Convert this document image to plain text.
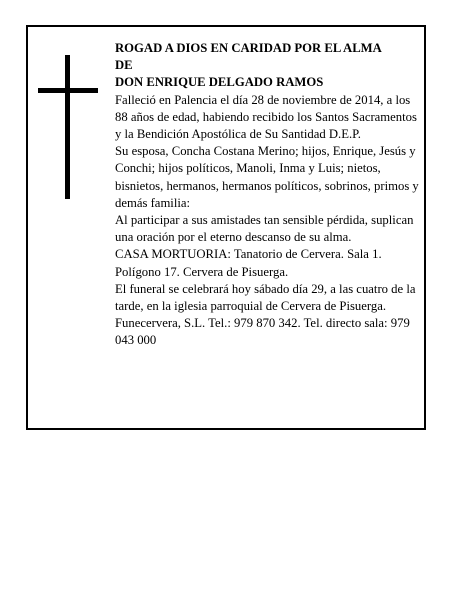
ROGAD A DIOS EN CARIDAD POR EL ALMA

DE

DON ENRIQUE DELGADO RAMOS

Falleció en Palencia el día 28 de noviembre de 2014, a los 88 años de edad, habiendo recibido los Santos Sacramentos y la Bendición Apostólica de Su Santidad D.E.P.

Su esposa, Concha Costana Merino; hijos, Enrique, Jesús y Conchi; hijos políticos, Manoli, Inma y Luis; nietos, bisnietos, hermanos, hermanos políticos, sobrinos, primos y demás familia:

Al participar a sus amistades tan sensible pérdida, suplican una oración por el eterno descanso de su alma.

CASA MORTUORIA: Tanatorio de Cervera. Sala 1. Polígono 17. Cervera de Pisuerga.

El funeral se celebrará hoy sábado día 29, a las cuatro de la tarde, en la iglesia parroquial de Cervera de Pisuerga.

Funecervera, S.L. Tel.: 979 870 342. Tel. directo sala: 979 043 000
